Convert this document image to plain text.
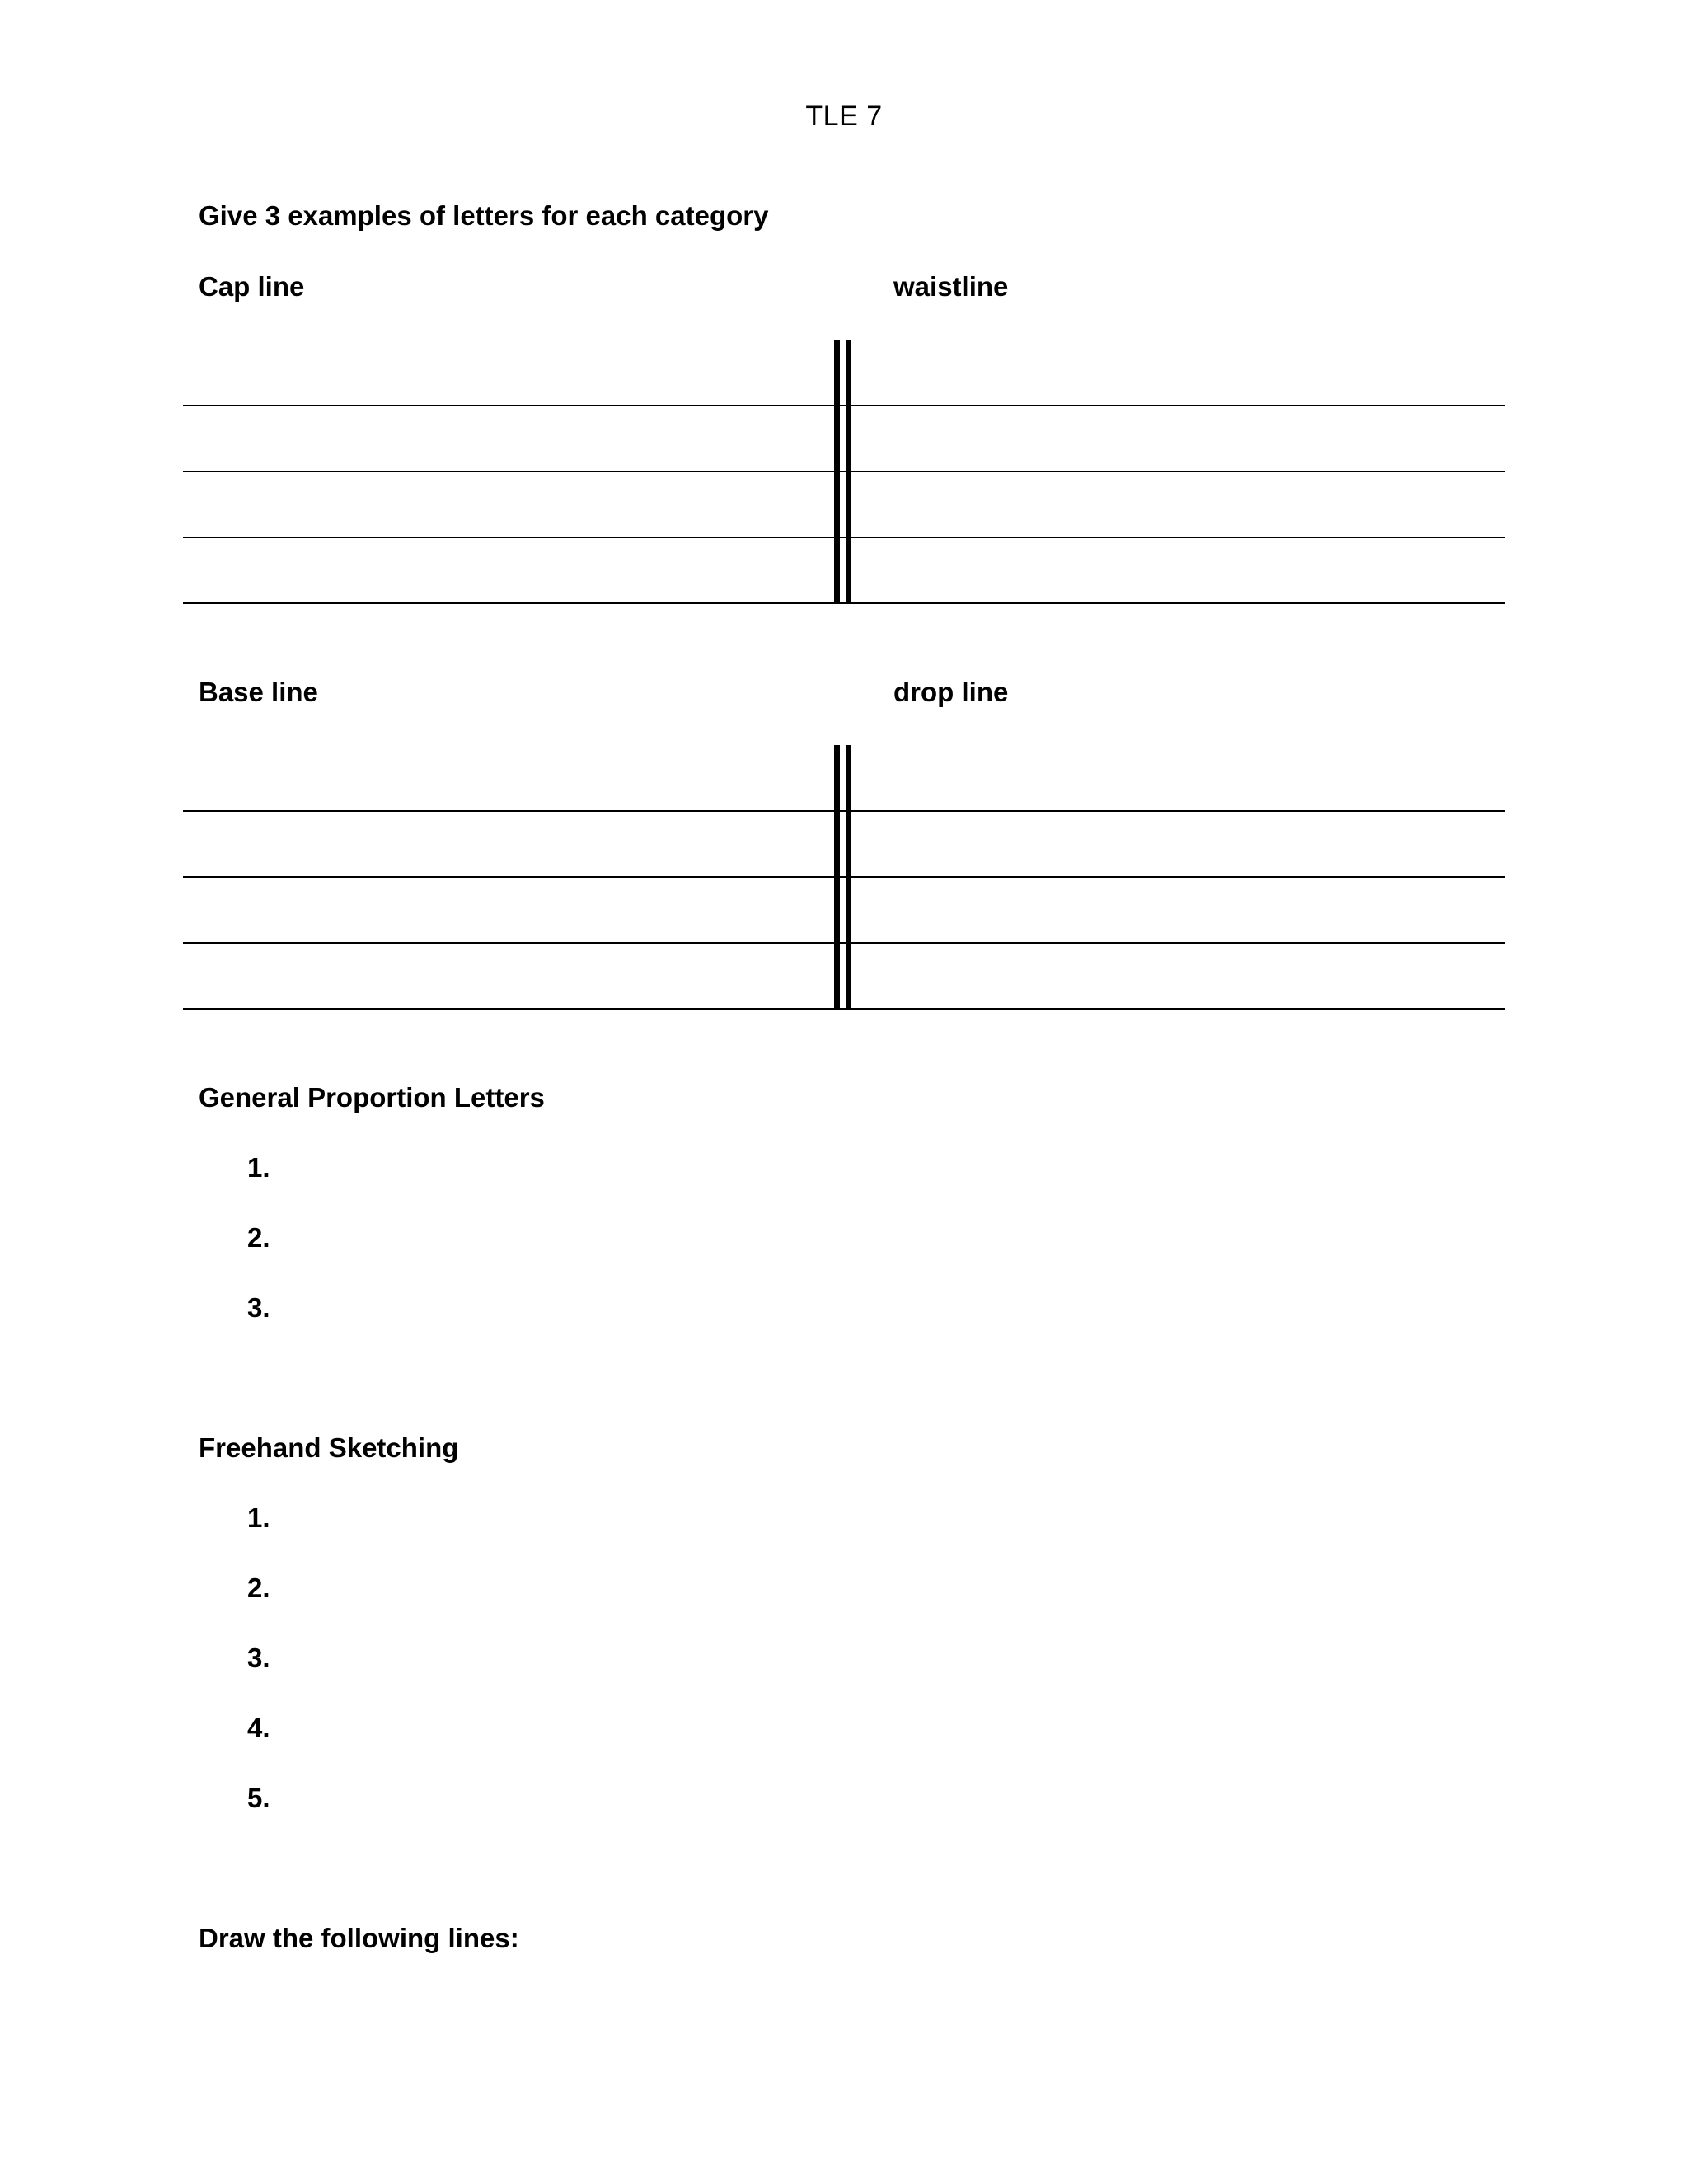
TLE 7
Give 3 examples of letters for each category
Cap line	waistline
Base line	drop line
General Proportion Letters
1.
2.
3.
Freehand Sketching
1.
2.
3.
4.
5.
Draw the following lines:
